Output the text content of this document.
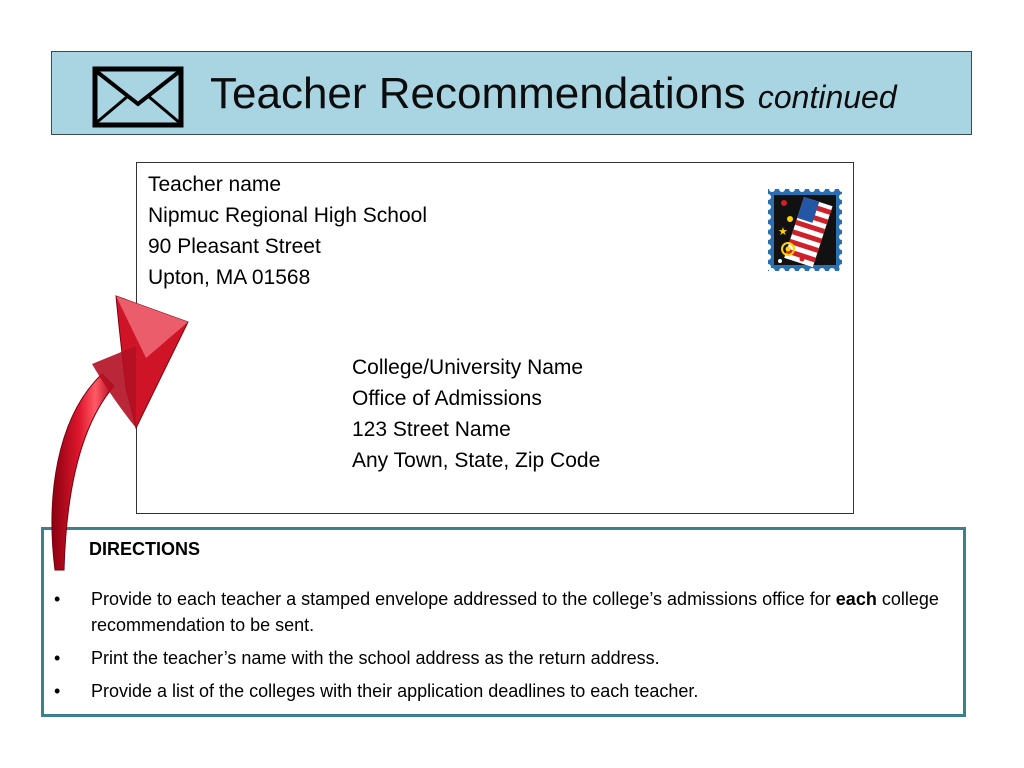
Teacher Recommendations continued
Teacher name
Nipmuc Regional High School
90 Pleasant Street
Upton, MA 01568
★
College/University Name
Office of Admissions
123 Street Name
Any Town, State, Zip Code
DIRECTIONS
• Provide to each teacher a stamped envelope addressed to the college’s admissions office for each college recommendation to be sent.
• Print the teacher’s name with the school address as the return address.
• Provide a list of the colleges with their application deadlines to each teacher.
